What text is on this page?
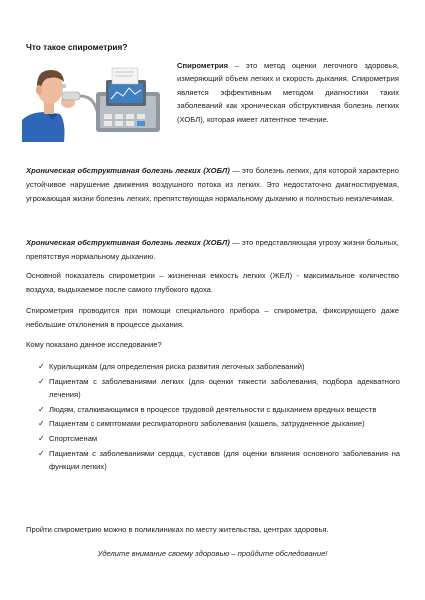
Что такое спирометрия?
Спирометрия – это метод оценки легочного здоровья, измеряющий объем легких и скорость дыхания. Спирометрия является эффективным методом диагностики таких заболеваний как хроническая обструктивная болезнь легких (ХОБЛ), которая имеет латентное течение.
Хроническая обструктивная болезнь легких (ХОБЛ) — это болезнь легких, для которой характерно устойчивое нарушение движения воздушного потока из легких. Это недостаточно диагностируемая, угрожающая жизни болезнь легких, препятствующая нормальному дыханию и полностью неизлечимая.
Хроническая обструктивная болезнь легких (ХОБЛ) — это представляющая угрозу жизни больных, препятствуя нормальному дыханию.
Основной показатель спирометрии – жизненная емкость легких (ЖЕЛ) - максимальное количество воздуха, выдыхаемое после самого глубокого вдоха.
Спирометрия проводится при помощи специального прибора – спирометра, фиксирующего даже небольшие отклонения в процессе дыхания.
Кому показано данное исследование?
✓ Курильщикам (для определения риска развития легочных заболеваний)
✓ Пациентам с заболеваниями легких (для оценки тяжести заболевания, подбора адекватного лечения)
✓ Людям, сталкивающимся в процессе трудовой деятельности с вдыханием вредных веществ
✓ Пациентам с симптомами респираторного заболевания (кашель, затрудненное дыхание)
✓ Спортсменам
✓ Пациентам с заболеваниями сердца, суставов (для оценки влияния основного заболевания на функции легких)
Пройти спирометрию можно в поликлиниках по месту жительства, центрах здоровья.
Уделите внимание своему здоровью – пройдите обследование!
